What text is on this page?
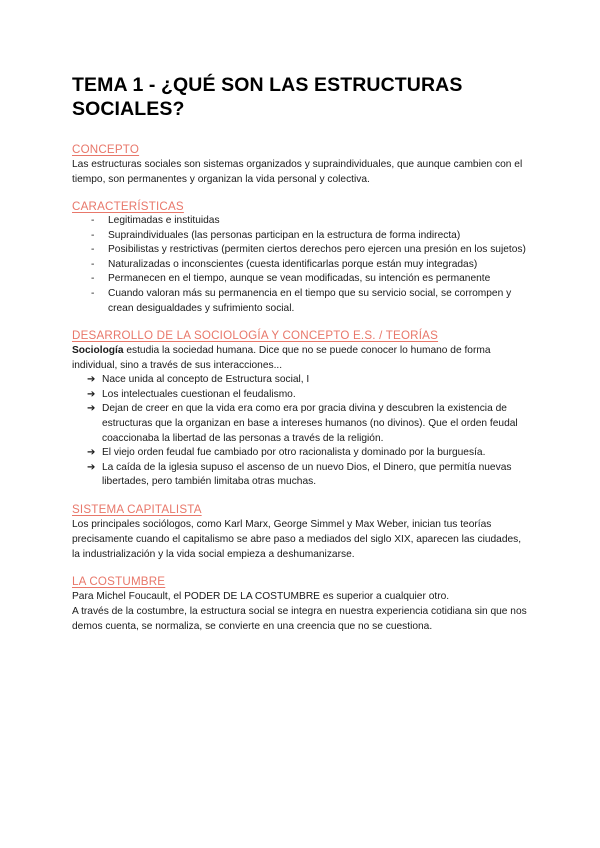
TEMA 1 - ¿QUÉ SON LAS ESTRUCTURAS SOCIALES?
CONCEPTO

Las estructuras sociales son sistemas organizados y supraindividuales, que aunque cambien con el tiempo, son permanentes y organizan la vida personal y colectiva.

CARACTERÍSTICAS
- Legitimadas e instituidas
- Supraindividuales (las personas participan en la estructura de forma indirecta)
- Posibilistas y restrictivas (permiten ciertos derechos pero ejercen una presión en los sujetos)
- Naturalizadas o inconscientes (cuesta identificarlas porque están muy integradas)
- Permanecen en el tiempo, aunque se vean modificadas, su intención es permanente
- Cuando valoran más su permanencia en el tiempo que su servicio social, se corrompen y crean desigualdades y sufrimiento social.
DESARROLLO DE LA SOCIOLOGÍA Y CONCEPTO E.S. / TEORÍAS

Sociología estudia la sociedad humana. Dice que no se puede conocer lo humano de forma individual, sino a través de sus interacciones...

➔ Nace unida al concepto de Estructura social, I
➔ Los intelectuales cuestionan el feudalismo.
➔ Dejan de creer en que la vida era como era por gracia divina y descubren la existencia de estructuras que la organizan en base a intereses humanos (no divinos). Que el orden feudal coaccionaba la libertad de las personas a través de la religión.
➔ El viejo orden feudal fue cambiado por otro racionalista y dominado por la burguesía.
➔ La caída de la iglesia supuso el ascenso de un nuevo Dios, el Dinero, que permitía nuevas libertades, pero también limitaba otras muchas.
SISTEMA CAPITALISTA

Los principales sociólogos, como Karl Marx, George Simmel y Max Weber, inician tus teorías precisamente cuando el capitalismo se abre paso a mediados del siglo XIX, aparecen las ciudades, la industrialización y la vida social empieza a deshumanizarse.

LA COSTUMBRE

Para Michel Foucault, el PODER DE LA COSTUMBRE es superior a cualquier otro.

A través de la costumbre, la estructura social se integra en nuestra experiencia cotidiana sin que nos demos cuenta, se normaliza, se convierte en una creencia que no se cuestiona.
